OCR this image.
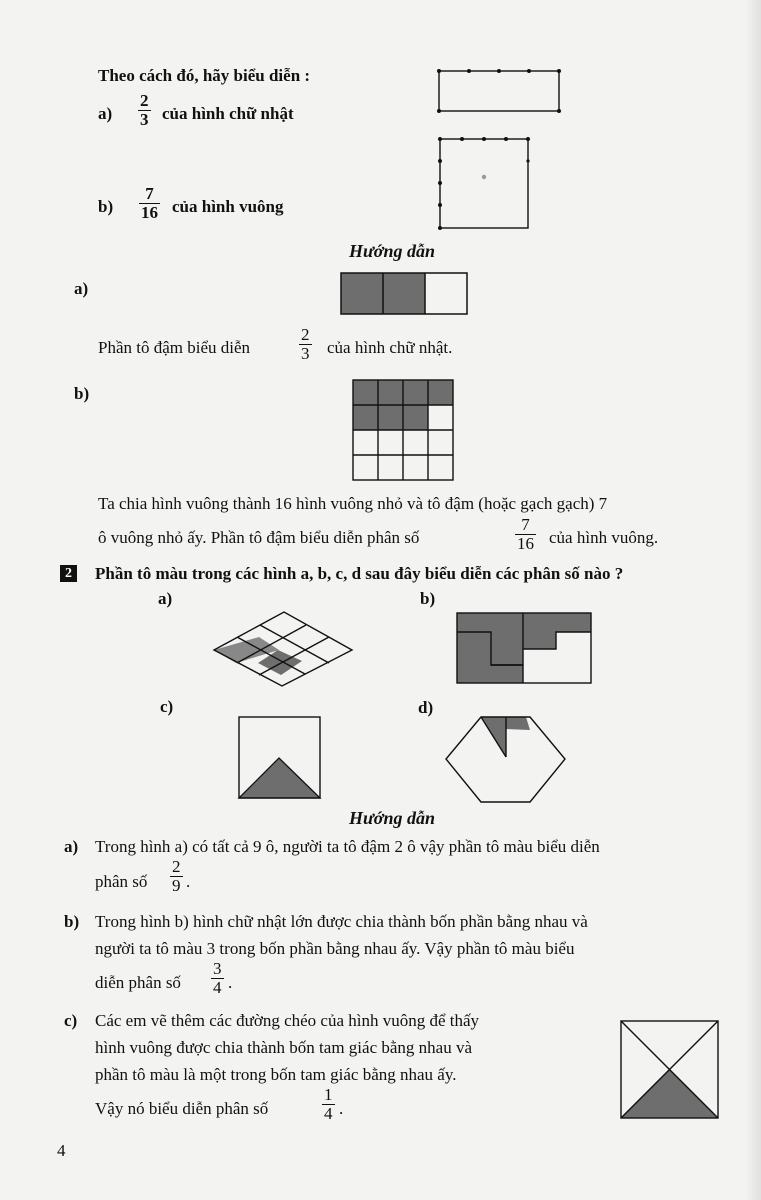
Theo cách đó, hãy biểu diễn :
$a) \frac{2}{3}$ của hình chữ nhật
$b) \frac{7}{16}$ của hình vuông
Hướng dẫn
a)
Phần tô đậm biểu diễn	$\frac{2}{3}$ của hình chữ nhật.
b)
Ta chia hình vuông thành 16 hình vuông nhỏ và tô đậm (hoặc gạch gạch) 7
ô vuông nhỏ ấy. Phần tô đậm biểu diễn phân số	$\frac{7}{16}$ của hình vuông.
2 Phần tô màu trong các hình a, b, c, d sau đây biểu diễn các phân số nào ?
a)	b)
c)	d)
Hướng dẫn
a) Trong hình a) có tất cả 9 ô, người ta tô đậm 2 ô vậy phần tô màu biểu diễn
phân số $\frac{2}{9}$ .
b) Trong hình b) hình chữ nhật lớn được chia thành bốn phần bằng nhau và
người ta tô màu 3 trong bốn phần bằng nhau ấy. Vậy phần tô màu biểu
diễn phân số $\frac{3}{4}$ .
c) Các em vẽ thêm các đường chéo của hình vuông để thấy
hình vuông được chia thành bốn tam giác bằng nhau và
phần tô màu là một trong bốn tam giác bằng nhau ấy.
Vậy nó biểu diễn phân số	$\frac{1}{4}$ .
4
